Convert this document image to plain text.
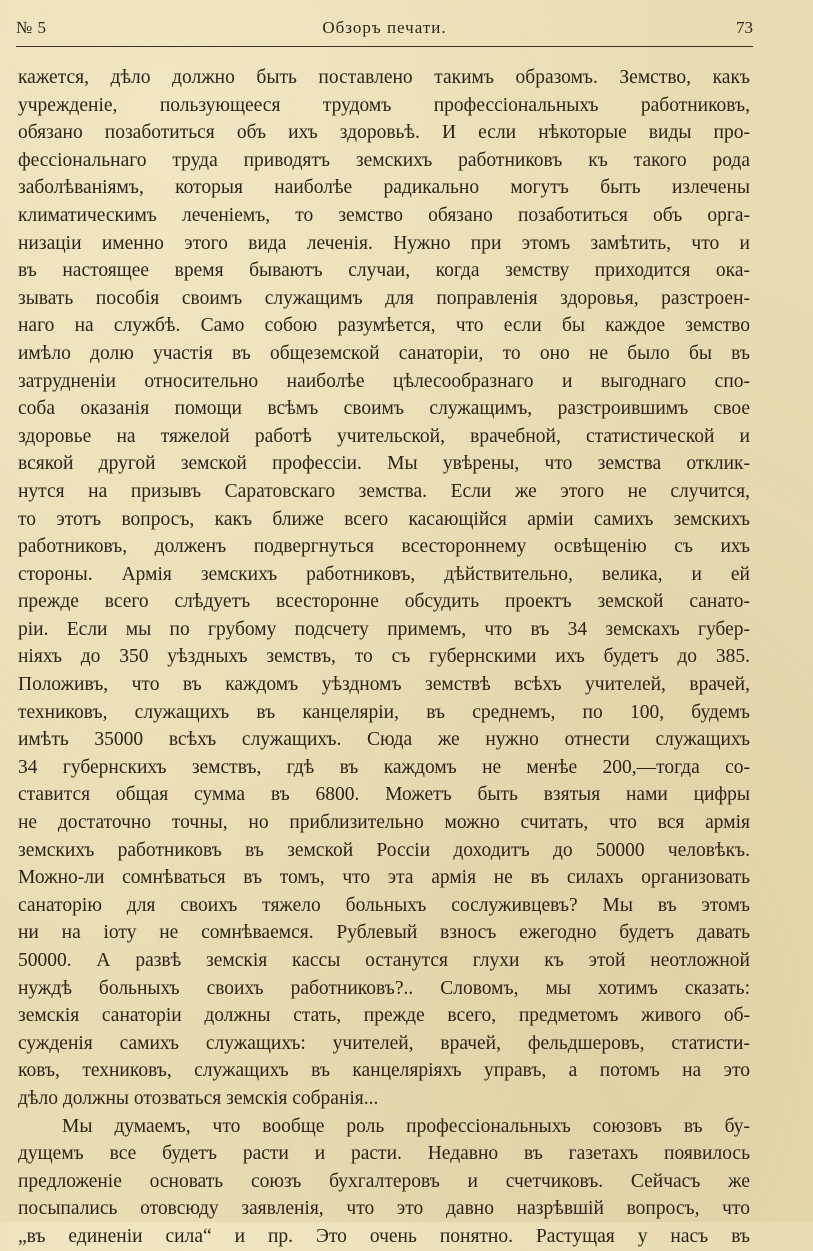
№ 5	Обзоръ печати.	73
кажется, дѣло должно быть поставлено такимъ образомъ. Земство, какъ
учрежденіе, пользующееся трудомъ профессіональныхъ работниковъ,
обязано позаботиться объ ихъ здоровьѣ. И если нѣкоторые виды про-
фессіональнаго труда приводятъ земскихъ работниковъ къ такого рода
заболѣваніямъ, которыя наиболѣе радикально могутъ быть излечены
климатическимъ леченіемъ, то земство обязано позаботиться объ орга-
низаціи именно этого вида леченія. Нужно при этомъ замѣтить, что и
въ настоящее время бываютъ случаи, когда земству приходится ока-
зывать пособія своимъ служащимъ для поправленія здоровья, разстроен-
наго на службѣ. Само собою разумѣется, что если бы каждое земство
имѣло долю участія въ общеземской санаторіи, то оно не было бы въ
затрудненіи относительно наиболѣе цѣлесообразнаго и выгоднаго спо-
соба оказанія помощи всѣмъ своимъ служащимъ, разстроившимъ свое
здоровье на тяжелой работѣ учительской, врачебной, статистической и
всякой другой земской профессіи. Мы увѣрены, что земства отклик-
нутся на призывъ Саратовскаго земства. Если же этого не случится,
то этотъ вопросъ, какъ ближе всего касающійся арміи самихъ земскихъ
работниковъ, долженъ подвергнуться всестороннему освѣщенію съ ихъ
стороны. Армія земскихъ работниковъ, дѣйствительно, велика, и ей
прежде всего слѣдуетъ всесторонне обсудить проектъ земской санато-
ріи. Если мы по грубому подсчету примемъ, что въ 34 земскахъ губер-
ніяхъ до 350 уѣздныхъ земствъ, то съ губернскими ихъ будетъ до 385.
Положивъ, что въ каждомъ уѣздномъ земствѣ всѣхъ учителей, врачей,
техниковъ, служащихъ въ канцеляріи, въ среднемъ, по 100, будемъ
имѣть 35000 всѣхъ служащихъ. Сюда же нужно отнести служащихъ
34 губернскихъ земствъ, гдѣ въ каждомъ не менѣе 200,—тогда со-
ставится общая сумма въ 6800. Можетъ быть взятыя нами цифры
не достаточно точны, но приблизительно можно считать, что вся армія
земскихъ работниковъ въ земской Россіи доходитъ до 50000 человѣкъ.
Можно-ли сомнѣваться въ томъ, что эта армія не въ силахъ организовать
санаторію для своихъ тяжело больныхъ сослуживцевъ? Мы въ этомъ
ни на іоту не сомнѣваемся. Рублевый взносъ ежегодно будетъ давать
50000. А развѣ земскія кассы останутся глухи къ этой неотложной
нуждѣ больныхъ своихъ работниковъ?.. Словомъ, мы хотимъ сказать:
земскія санаторіи должны стать, прежде всего, предметомъ живого об-
сужденія самихъ служащихъ: учителей, врачей, фельдшеровъ, статисти-
ковъ, техниковъ, служащихъ въ канцеляріяхъ управъ, а потомъ на это
дѣло должны отозваться земскія собранія...
Мы думаемъ, что вообще роль профессіональныхъ союзовъ въ бу-
дущемъ все будетъ расти и расти. Недавно въ газетахъ появилось
предложеніе основать союзъ бухгалтеровъ и счетчиковъ. Сейчасъ же
посыпались отовсюду заявленія, что это давно назрѣвшій вопросъ, что
„въ единеніи сила“ и пр. Это очень понятно. Растущая у насъ въ
